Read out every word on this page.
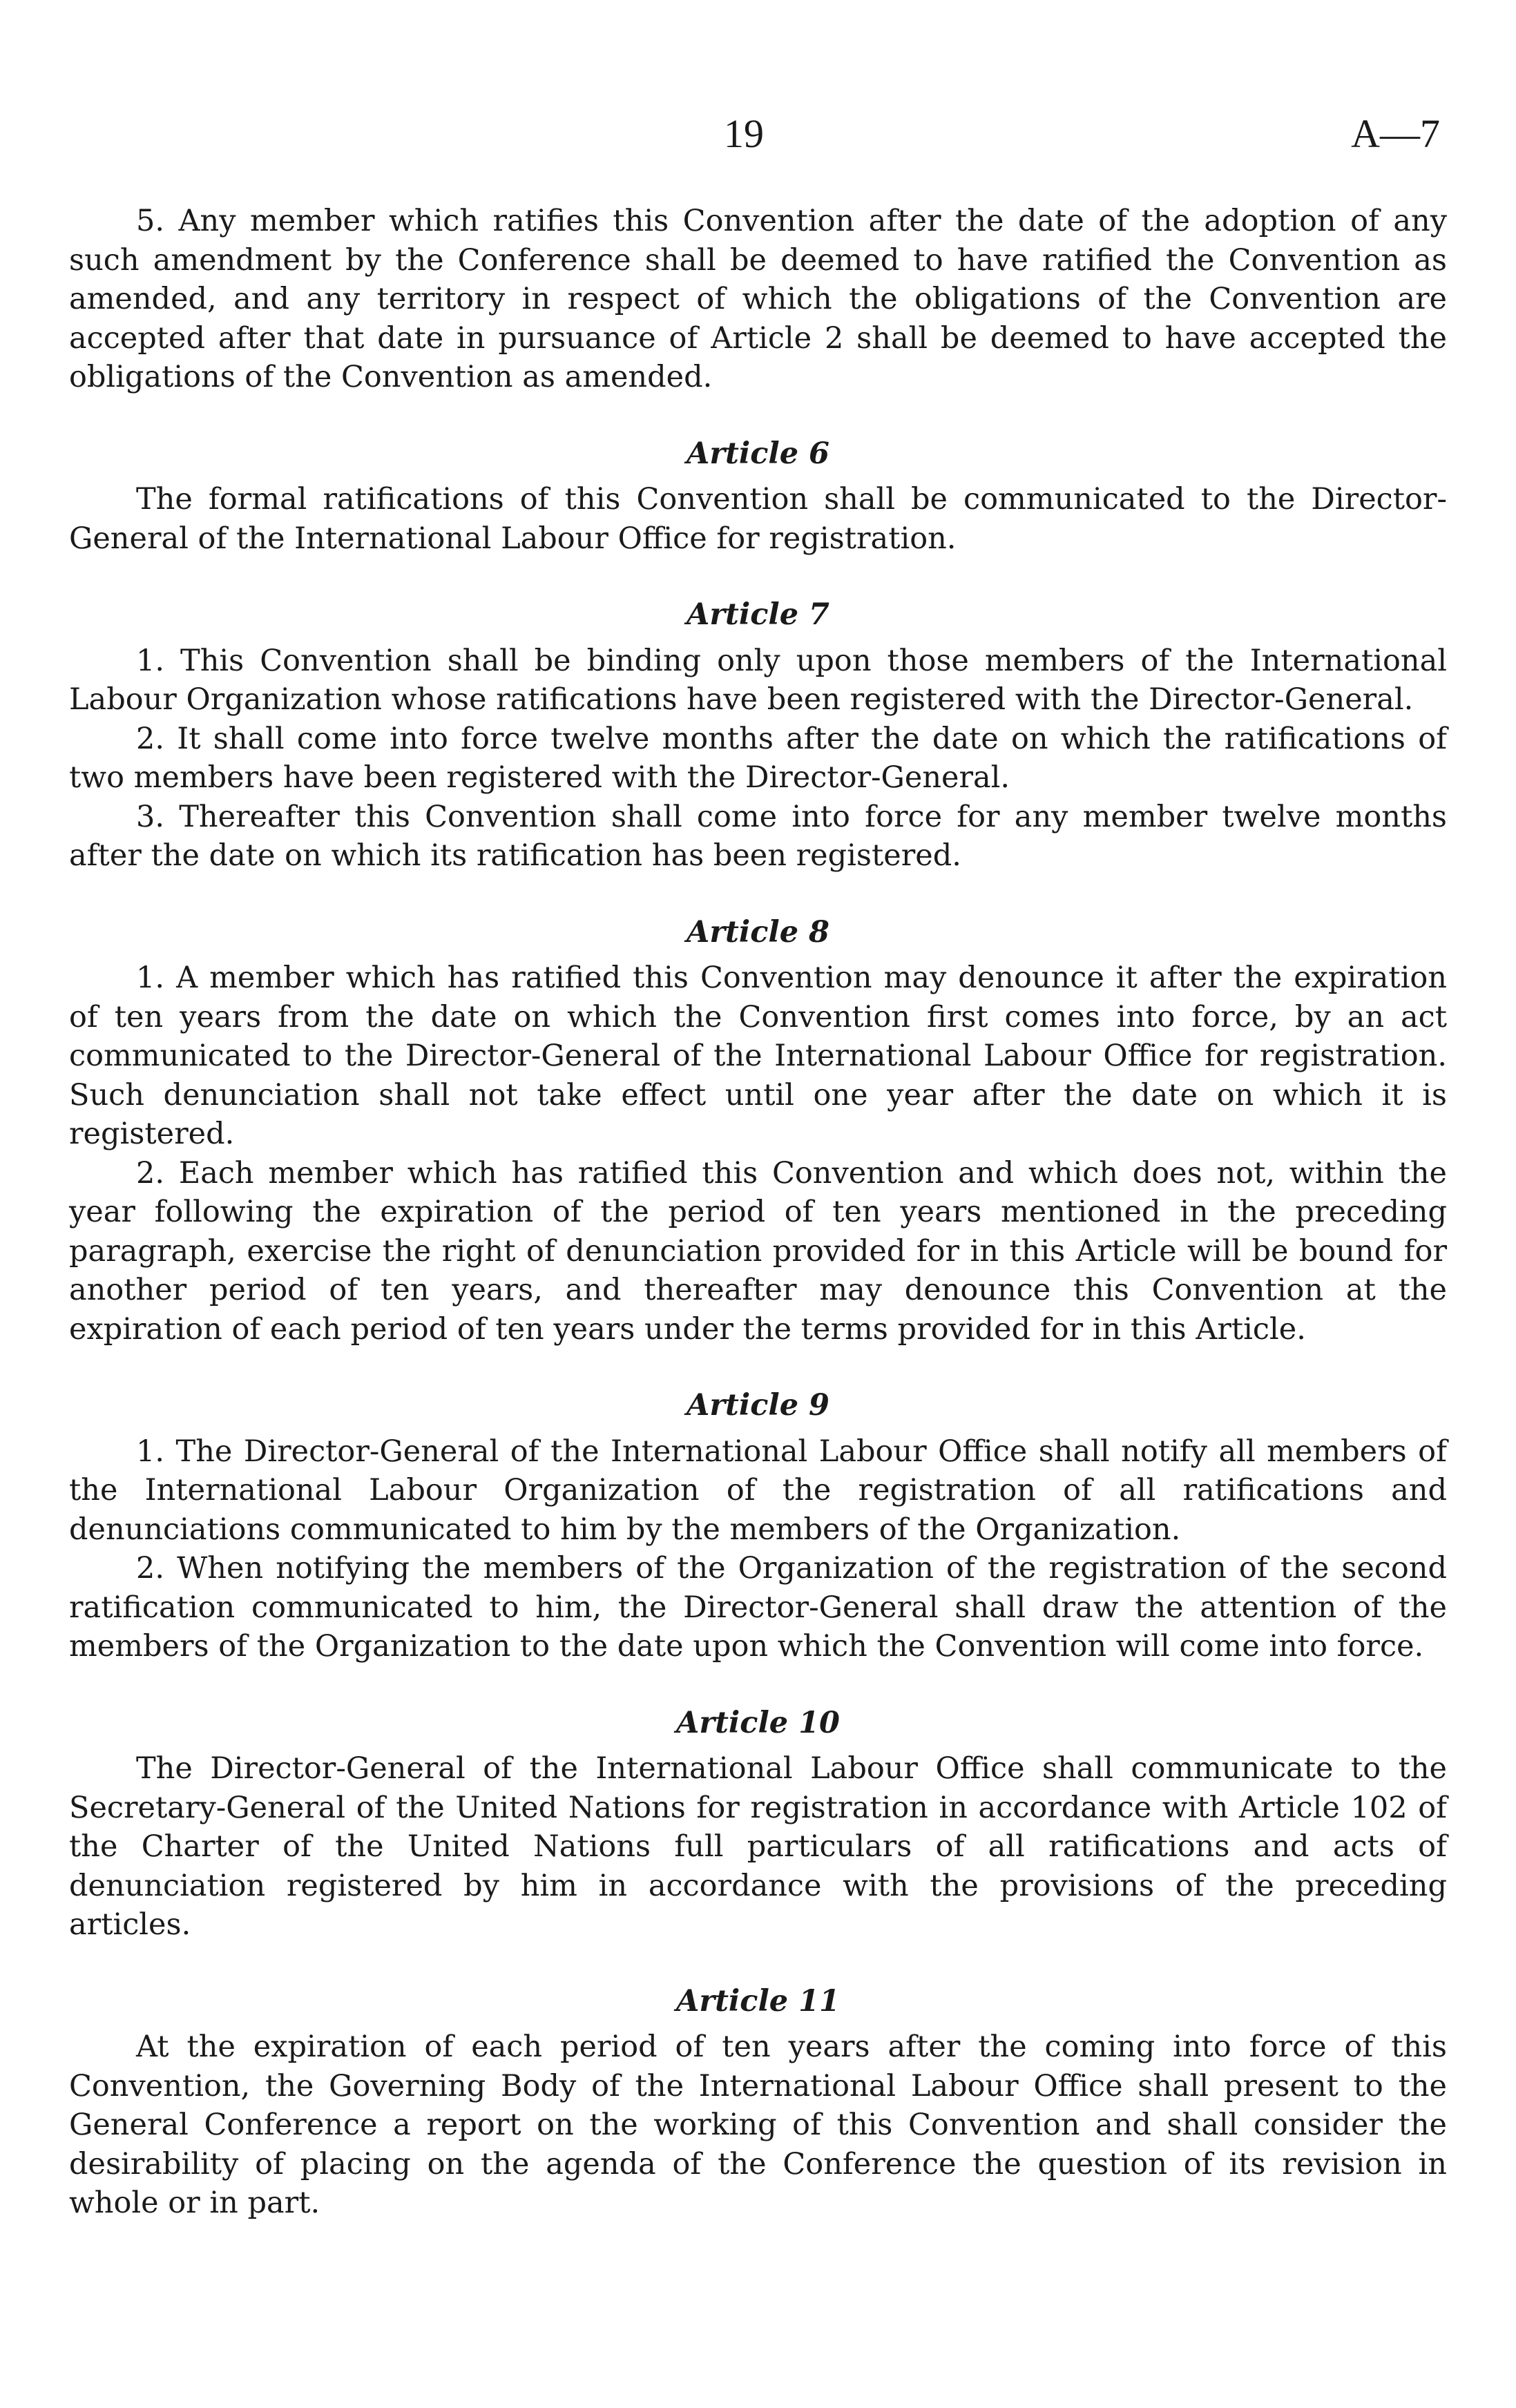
19	A—7

5. Any member which ratifies this Convention after the date of the adoption of any such amendment by the Conference shall be deemed to have ratified the Convention as amended, and any territory in respect of which the obligations of the Convention are accepted after that date in pursuance of Article 2 shall be deemed to have accepted the obligations of the Convention as amended.

Article 6

The formal ratifications of this Convention shall be communicated to the Director-General of the International Labour Office for registration.

Article 7

1. This Convention shall be binding only upon those members of the International Labour Organization whose ratifications have been registered with the Director-General.

2. It shall come into force twelve months after the date on which the ratifications of two members have been registered with the Director-General.

3. Thereafter this Convention shall come into force for any member twelve months after the date on which its ratification has been registered.

Article 8

1. A member which has ratified this Convention may denounce it after the expiration of ten years from the date on which the Convention first comes into force, by an act communicated to the Director-General of the International Labour Office for registration. Such denunciation shall not take effect until one year after the date on which it is registered.

2. Each member which has ratified this Convention and which does not, within the year following the expiration of the period of ten years mentioned in the preceding paragraph, exercise the right of denunciation provided for in this Article will be bound for another period of ten years, and thereafter may denounce this Convention at the expiration of each period of ten years under the terms provided for in this Article.

Article 9

1. The Director-General of the International Labour Office shall notify all members of the International Labour Organization of the registration of all ratifications and denunciations communicated to him by the members of the Organization.

2. When notifying the members of the Organization of the registration of the second ratification communicated to him, the Director-General shall draw the attention of the members of the Organization to the date upon which the Convention will come into force.

Article 10

The Director-General of the International Labour Office shall communicate to the Secretary-General of the United Nations for registration in accordance with Article 102 of the Charter of the United Nations full particulars of all ratifications and acts of denunciation registered by him in accordance with the provisions of the preceding articles.

Article 11

At the expiration of each period of ten years after the coming into force of this Convention, the Governing Body of the International Labour Office shall present to the General Conference a report on the working of this Convention and shall consider the desirability of placing on the agenda of the Conference the question of its revision in whole or in part.
